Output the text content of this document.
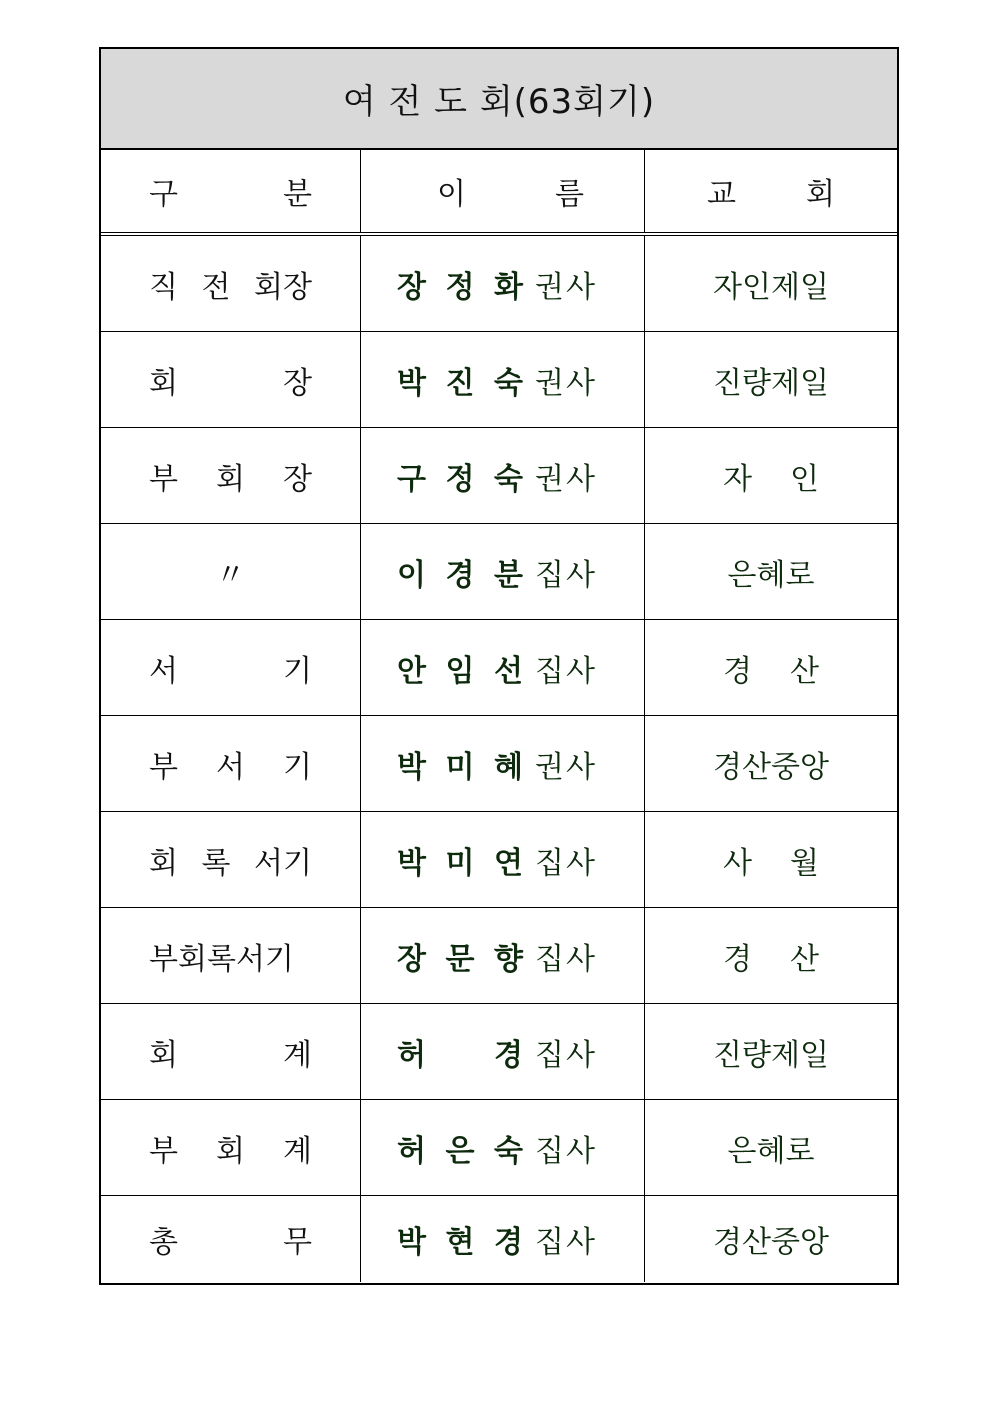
여 전 도 회(63회기)
구 분	이 름	교 회
직 전 회장	장 정 화 권사	자인제일
회 장	박 진 숙 권사	진량제일
부 회 장	구 정 숙 권사	자 인
〃	이 경 분 집사	은혜로
서 기	안 임 선 집사	경 산
부 서 기	박 미 혜 권사	경산중앙
회 록 서기	박 미 연 집사	사 월
부회록서기	장 문 향 집사	경 산
회 계	허 경 집사	진량제일
부 회 계	허 은 숙 집사	은혜로
총 무	박 현 경 집사	경산중앙
